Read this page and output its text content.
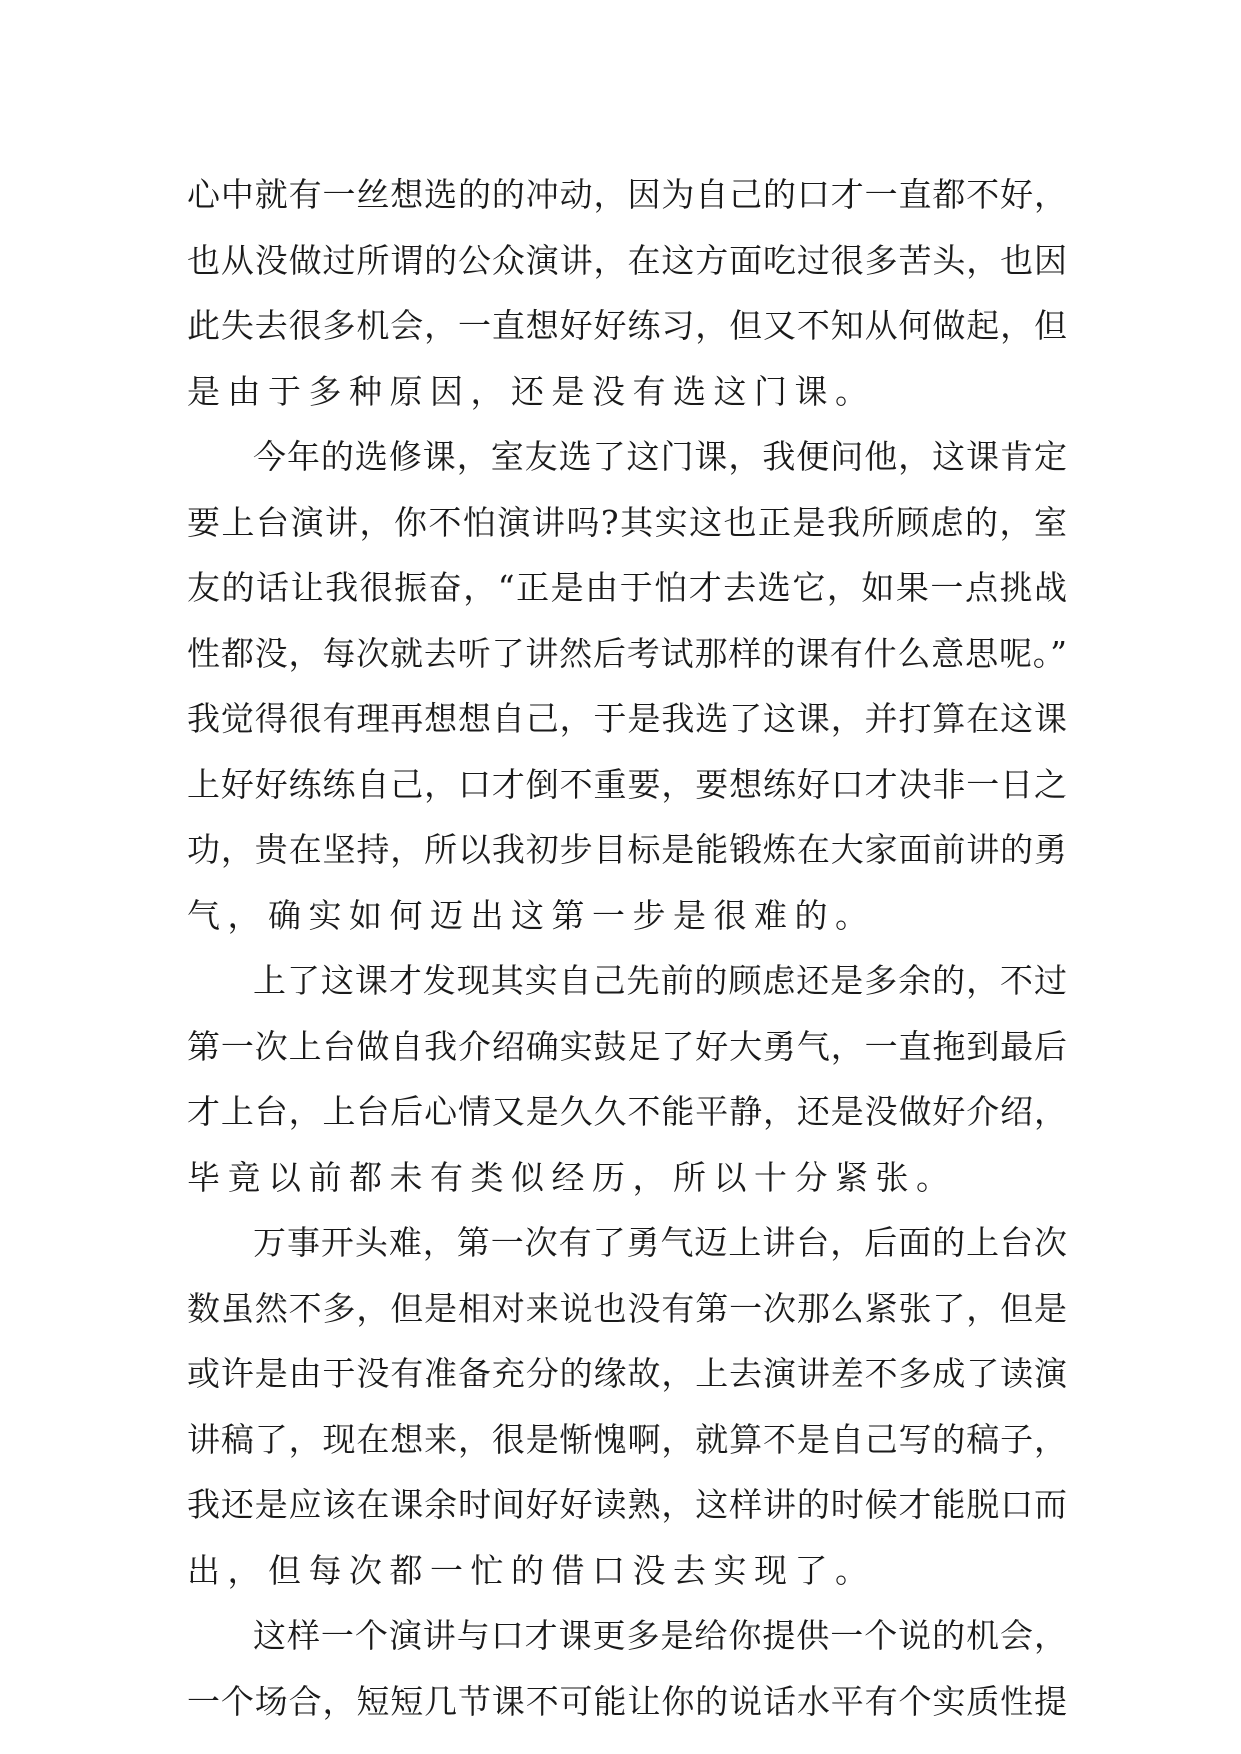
心中就有一丝想选的的冲动，因为自己的口才一直都不好，
也从没做过所谓的公众演讲，在这方面吃过很多苦头，也因
此失去很多机会，一直想好好练习，但又不知从何做起，但
是由于多种原因，还是没有选这门课。

今年的选修课，室友选了这门课，我便问他，这课肯定
要上台演讲，你不怕演讲吗?其实这也正是我所顾虑的，室
友的话让我很振奋，“正是由于怕才去选它，如果一点挑战
性都没，每次就去听了讲然后考试那样的课有什么意思呢。”
我觉得很有理再想想自己，于是我选了这课，并打算在这课
上好好练练自己，口才倒不重要，要想练好口才决非一日之
功，贵在坚持，所以我初步目标是能锻炼在大家面前讲的勇
气，确实如何迈出这第一步是很难的。

上了这课才发现其实自己先前的顾虑还是多余的，不过
第一次上台做自我介绍确实鼓足了好大勇气，一直拖到最后
才上台，上台后心情又是久久不能平静，还是没做好介绍，
毕竟以前都未有类似经历，所以十分紧张。

万事开头难，第一次有了勇气迈上讲台，后面的上台次
数虽然不多，但是相对来说也没有第一次那么紧张了，但是
或许是由于没有准备充分的缘故，上去演讲差不多成了读演
讲稿了，现在想来，很是惭愧啊，就算不是自己写的稿子，
我还是应该在课余时间好好读熟，这样讲的时候才能脱口而
出，但每次都一忙的借口没去实现了。

这样一个演讲与口才课更多是给你提供一个说的机会，
一个场合，短短几节课不可能让你的说话水平有个实质性提
